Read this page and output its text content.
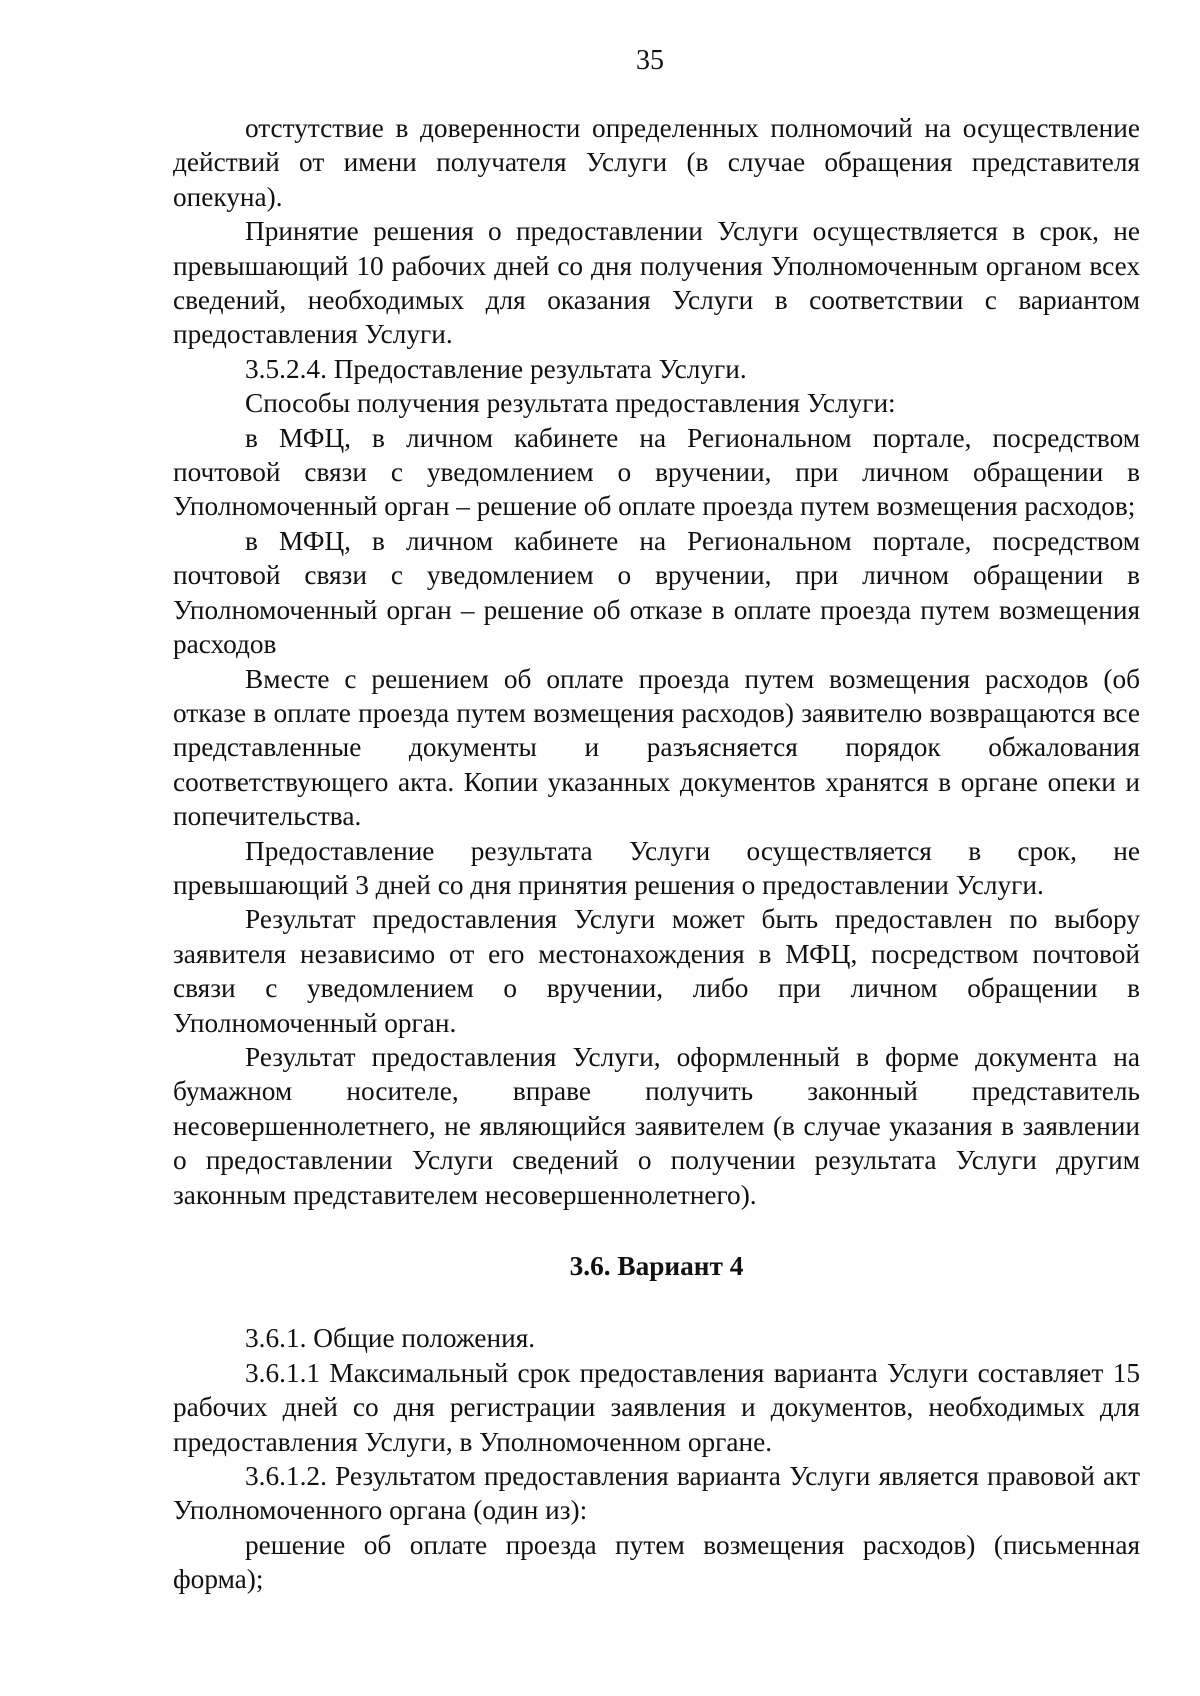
35

отстутствие в доверенности определенных полномочий на осуществление действий от имени получателя Услуги (в случае обращения представителя опекуна).

Принятие решения о предоставлении Услуги осуществляется в срок, не превышающий 10 рабочих дней со дня получения Уполномоченным органом всех сведений, необходимых для оказания Услуги в соответствии с вариантом предоставления Услуги.

3.5.2.4. Предоставление результата Услуги.

Способы получения результата предоставления Услуги:

в МФЦ, в личном кабинете на Региональном портале, посредством почтовой связи с уведомлением о вручении, при личном обращении в Уполномоченный орган – решение об оплате проезда путем возмещения расходов;

в МФЦ, в личном кабинете на Региональном портале, посредством почтовой связи с уведомлением о вручении, при личном обращении в Уполномоченный орган – решение об отказе в оплате проезда путем возмещения расходов

Вместе с решением об оплате проезда путем возмещения расходов (об отказе в оплате проезда путем возмещения расходов) заявителю возвращаются все представленные документы и разъясняется порядок обжалования соответствующего акта. Копии указанных документов хранятся в органе опеки и попечительства.

Предоставление результата Услуги осуществляется в срок, не превышающий 3 дней со дня принятия решения о предоставлении Услуги.

Результат предоставления Услуги может быть предоставлен по выбору заявителя независимо от его местонахождения в МФЦ, посредством почтовой связи с уведомлением о вручении, либо при личном обращении в Уполномоченный орган.

Результат предоставления Услуги, оформленный в форме документа на бумажном носителе, вправе получить законный представитель несовершеннолетнего, не являющийся заявителем (в случае указания в заявлении о предоставлении Услуги сведений о получении результата Услуги другим законным представителем несовершеннолетнего).

3.6. Вариант 4

3.6.1. Общие положения.

3.6.1.1 Максимальный срок предоставления варианта Услуги составляет 15 рабочих дней со дня регистрации заявления и документов, необходимых для предоставления Услуги, в Уполномоченном органе.

3.6.1.2. Результатом предоставления варианта Услуги является правовой акт Уполномоченного органа (один из):

решение об оплате проезда путем возмещения расходов) (письменная форма);
